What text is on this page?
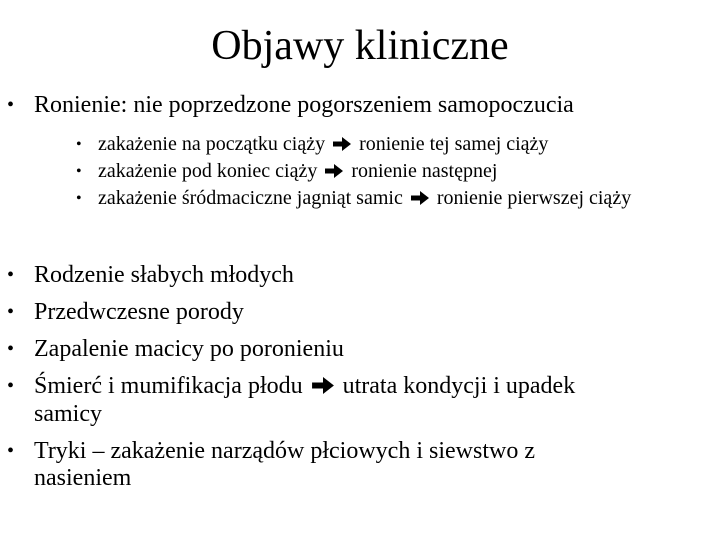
Objawy kliniczne
• Ronienie: nie poprzedzone pogorszeniem samopoczucia
• zakażenie na początku ciąży ronienie tej samej ciąży
• zakażenie pod koniec ciąży ronienie następnej
• zakażenie śródmaciczne jagniąt samic ronienie pierwszej ciąży
• Rodzenie słabych młodych
• Przedwczesne porody
• Zapalenie macicy po poronieniu
• Śmierć i mumifikacja płodu utrata kondycji i upadek samicy
• Tryki – zakażenie narządów płciowych i siewstwo z nasieniem
